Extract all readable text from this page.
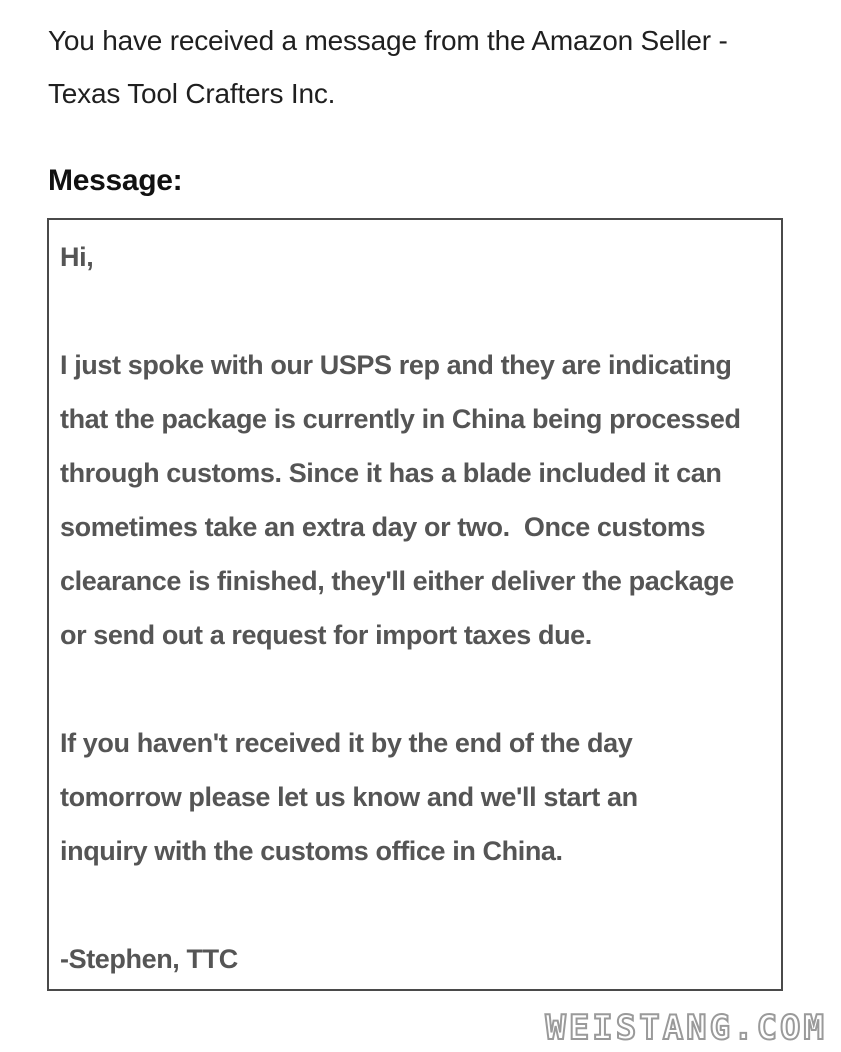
You have received a message from the Amazon Seller -

Texas Tool Crafters Inc.

Message:

Hi,

I just spoke with our USPS rep and they are indicating

that the package is currently in China being processed

through customs. Since it has a blade included it can

sometimes take an extra day or two.  Once customs

clearance is finished, they'll either deliver the package

or send out a request for import taxes due.

If you haven't received it by the end of the day

tomorrow please let us know and we'll start an

inquiry with the customs office in China.

-Stephen, TTC

WEISTANG.COM
